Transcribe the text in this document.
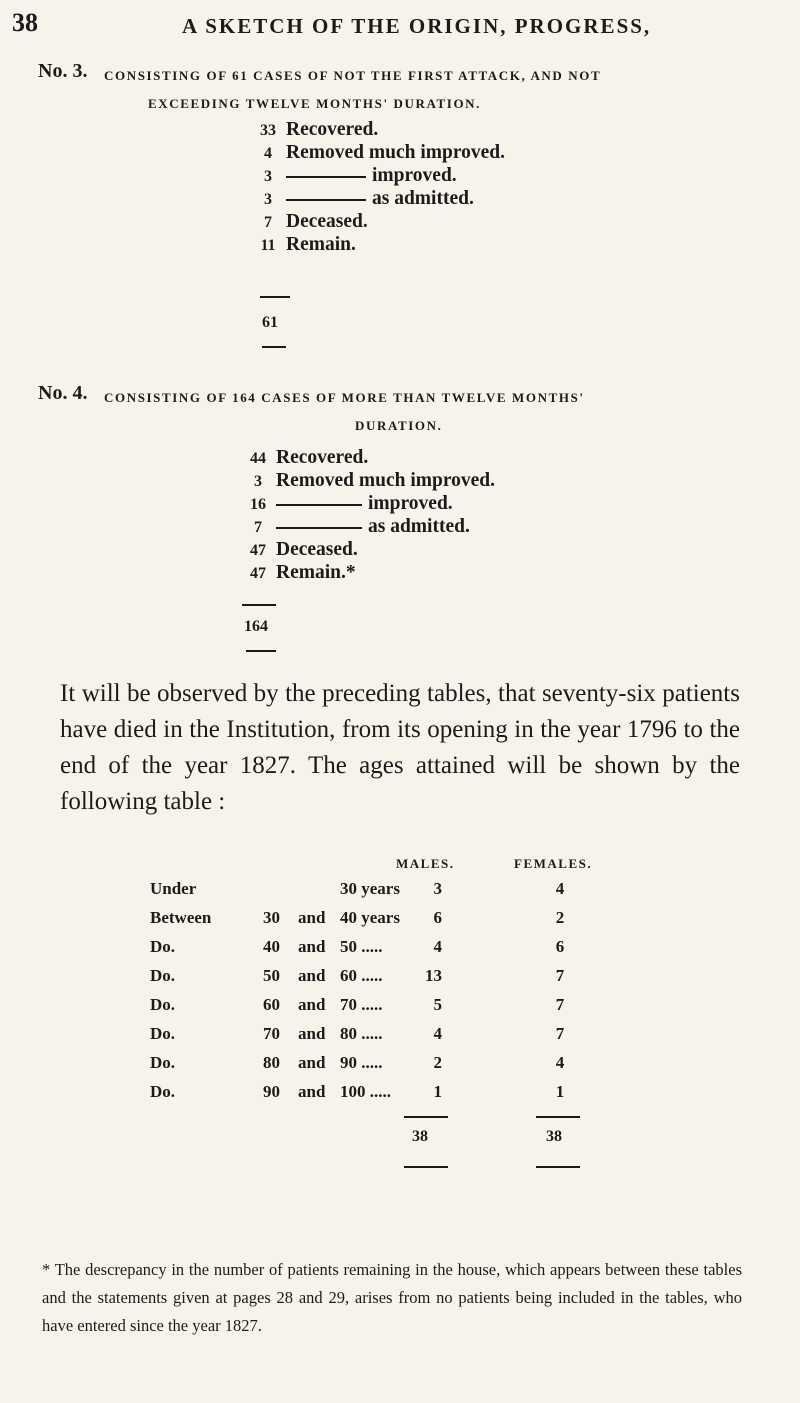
38	A SKETCH OF THE ORIGIN, PROGRESS,
No. 3. CONSISTING OF 61 CASES OF NOT THE FIRST ATTACK, AND NOT
EXCEEDING TWELVE MONTHS' DURATION.
33 Recovered.
4 Removed much improved.
3	improved.
3	as admitted.
7 Deceased.
11 Remain.
61
No. 4. CONSISTING OF 164 CASES OF MORE THAN TWELVE MONTHS'
DURATION.
44 Recovered.
3 Removed much improved.
16	improved.
7	as admitted.
47 Deceased.
47 Remain.*
164

It will be observed by the preceding tables, that seventy-six patients have died in the Institution, from its opening in the year 1796 to the end of the year 1827. The ages attained will be shown by the following table :

MALES.	FEMALES.
Under	30 years	3	4
Between	30 and 40 years	6	2
Do.	40 and 50 .....	4	6
Do.	50 and 60 .....	13	7
Do.	60 and 70 .....	5	7
Do.	70 and 80 .....	4	7
Do.	80 and 90 .....	2	4
Do.	90 and 100 .....	1	1
38	38

* The descrepancy in the number of patients remaining in the house, which appears between these tables and the statements given at pages 28 and 29, arises from no patients being included in the tables, who have entered since the year 1827.
